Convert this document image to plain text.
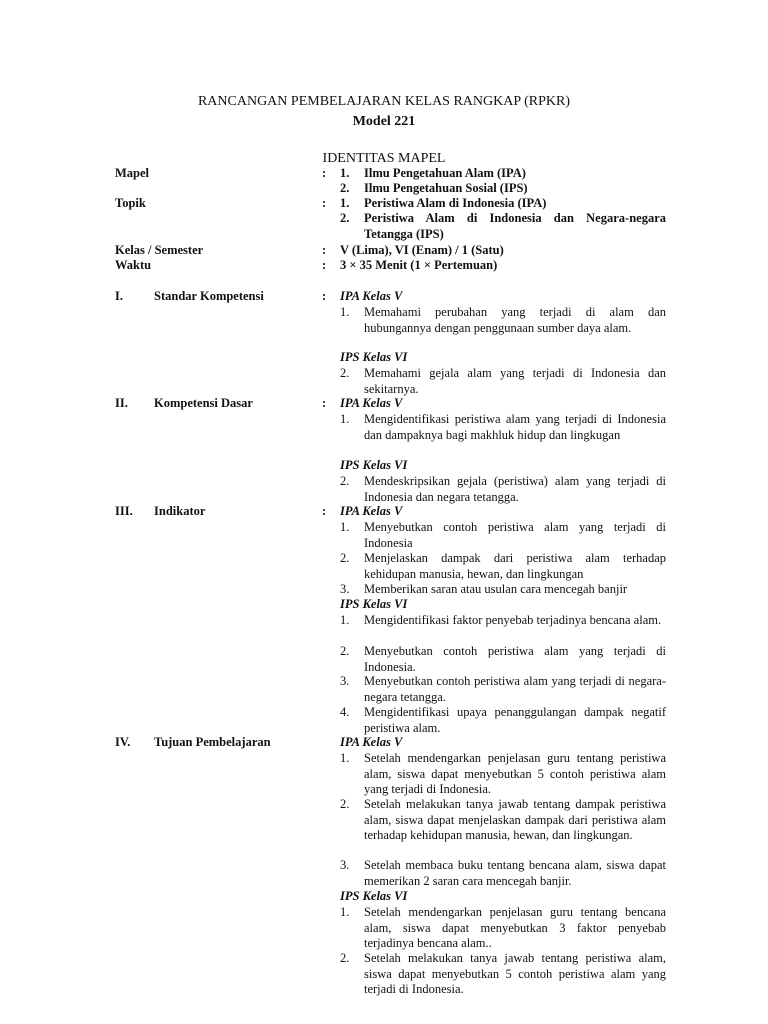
RANCANGAN PEMBELAJARAN KELAS RANGKAP (RPKR)
Model 221
IDENTITAS MAPEL
Mapel	: 1. Ilmu Pengetahuan Alam (IPA)
2. Ilmu Pengetahuan Sosial (IPS)
Topik	: 1. Peristiwa Alam di Indonesia (IPA)
2. Peristiwa Alam di Indonesia dan Negara-negara Tetangga (IPS)
Kelas / Semester	: V (Lima), VI (Enam) / 1 (Satu)
Waktu	: 3 × 35 Menit (1 × Pertemuan)
I. Standar Kompetensi	: IPA Kelas V
1. Memahami perubahan yang terjadi di alam dan hubungannya dengan penggunaan sumber daya alam.
IPS Kelas VI
2. Memahami gejala alam yang terjadi di Indonesia dan sekitarnya.
II. Kompetensi Dasar	: IPA Kelas V
1. Mengidentifikasi peristiwa alam yang terjadi di Indonesia dan dampaknya bagi makhluk hidup dan lingkugan
IPS Kelas VI
2. Mendeskripsikan gejala (peristiwa) alam yang terjadi di Indonesia dan negara tetangga.
III. Indikator	: IPA Kelas V
1. Menyebutkan contoh peristiwa alam yang terjadi di Indonesia
2. Menjelaskan dampak dari peristiwa alam terhadap kehidupan manusia, hewan, dan lingkungan
3. Memberikan saran atau usulan cara mencegah banjir
IPS Kelas VI
1. Mengidentifikasi faktor penyebab terjadinya bencana alam.
2. Menyebutkan contoh peristiwa alam yang terjadi di Indonesia.
3. Menyebutkan contoh peristiwa alam yang terjadi di negara- negara tetangga.
4. Mengidentifikasi upaya penanggulangan dampak negatif peristiwa alam.
IV. Tujuan Pembelajaran	IPA Kelas V
1. Setelah mendengarkan penjelasan guru tentang peristiwa alam, siswa dapat menyebutkan 5 contoh peristiwa alam yang terjadi di Indonesia.
2. Setelah melakukan tanya jawab tentang dampak peristiwa alam, siswa dapat menjelaskan dampak dari peristiwa alam terhadap kehidupan manusia, hewan, dan lingkungan.
3. Setelah membaca buku tentang bencana alam, siswa dapat memerikan 2 saran cara mencegah banjir.
IPS Kelas VI
1. Setelah mendengarkan penjelasan guru tentang bencana alam, siswa dapat menyebutkan 3 faktor penyebab terjadinya bencana alam..
2. Setelah melakukan tanya jawab tentang peristiwa alam, siswa dapat menyebutkan 5 contoh peristiwa alam yang terjadi di Indonesia.
